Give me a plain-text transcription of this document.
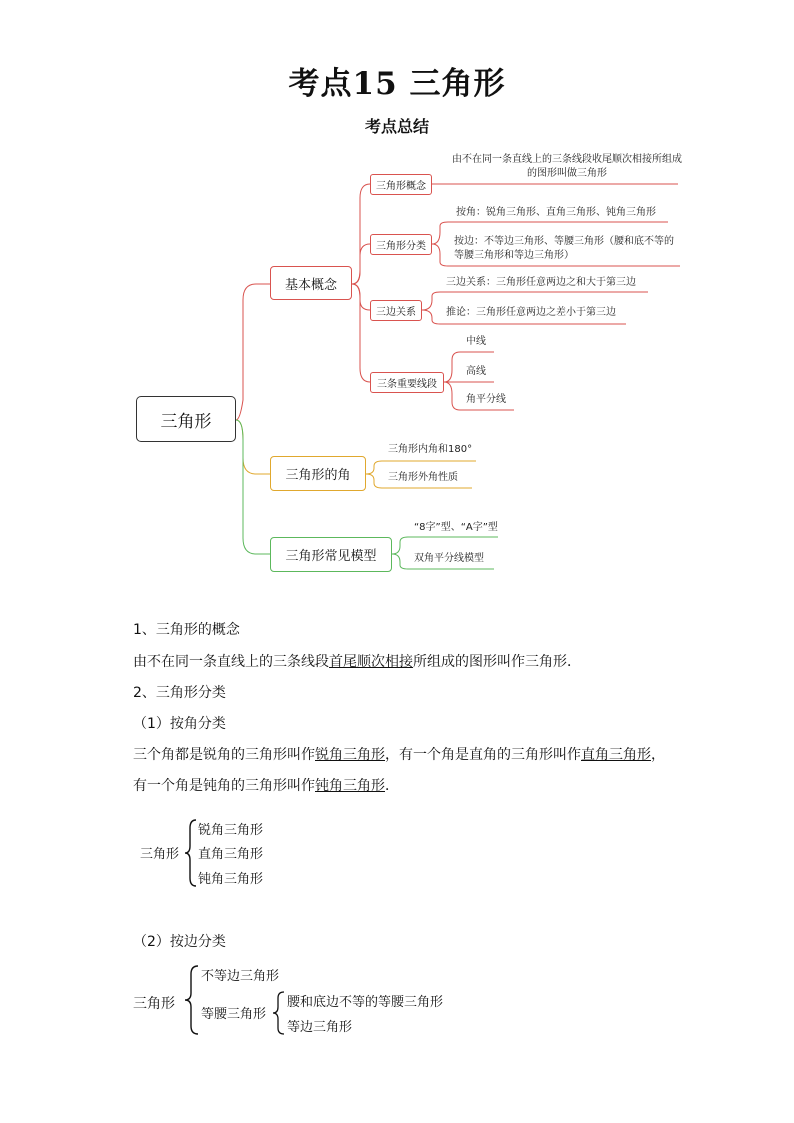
考点15 三角形
考点总结
三角形
基本概念
三角形的角
三角形常见模型
三角形概念
三角形分类
三边关系
三条重要线段
由不在同一条直线上的三条线段收尾顺次相接所组成的图形叫做三角形
按角：锐角三角形、直角三角形、钝角三角形
按边：不等边三角形、等腰三角形（腰和底不等的等腰三角形和等边三角形）
三边关系：三角形任意两边之和大于第三边
推论：三角形任意两边之差小于第三边
中线
高线
角平分线
三角形内角和180°
三角形外角性质
“8字”型、“A字”型
双角平分线模型
1、三角形的概念
由不在同一条直线上的三条线段首尾顺次相接所组成的图形叫作三角形．
2、三角形分类
（1）按角分类
三个角都是锐角的三角形叫作锐角三角形，有一个角是直角的三角形叫作直角三角形，
有一个角是钝角的三角形叫作钝角三角形．
三角形
锐角三角形
直角三角形
钝角三角形
（2）按边分类
三角形
不等边三角形
等腰三角形
腰和底边不等的等腰三角形
等边三角形
